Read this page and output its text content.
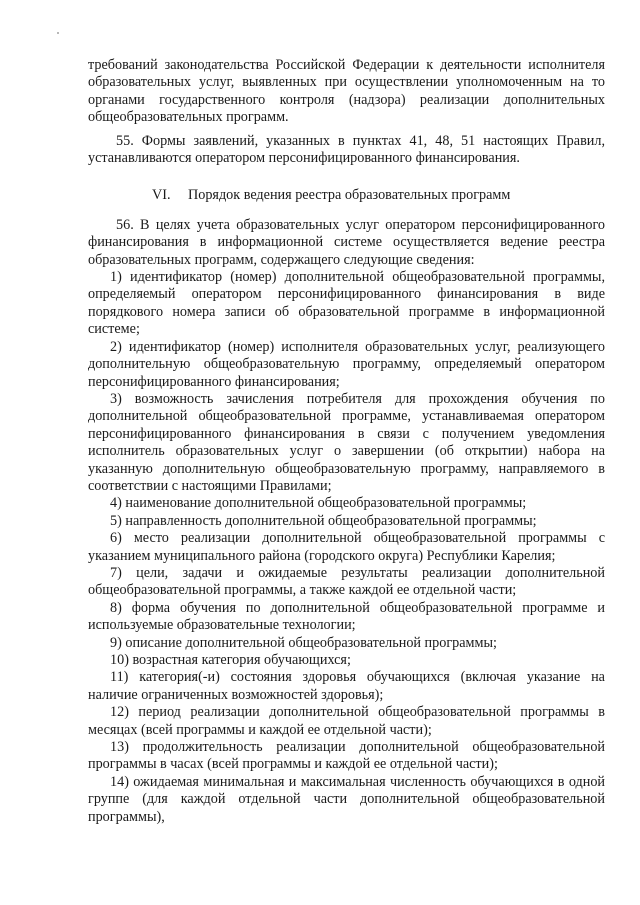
требований законодательства Российской Федерации к деятельности исполнителя образовательных услуг, выявленных при осуществлении уполномоченным на то органами государственного контроля (надзора) реализации дополнительных общеобразовательных программ.

55. Формы заявлений, указанных в пунктах 41, 48, 51 настоящих Правил, устанавливаются оператором персонифицированного финансирования.

VI. Порядок ведения реестра образовательных программ

56. В целях учета образовательных услуг оператором персонифицированного финансирования в информационной системе осуществляется ведение реестра образовательных программ, содержащего следующие сведения:

1) идентификатор (номер) дополнительной общеобразовательной программы, определяемый оператором персонифицированного финансирования в виде порядкового номера записи об образовательной программе в информационной системе;

2) идентификатор (номер) исполнителя образовательных услуг, реализующего дополнительную общеобразовательную программу, определяемый оператором персонифицированного финансирования;

3) возможность зачисления потребителя для прохождения обучения по дополнительной общеобразовательной программе, устанавливаемая оператором персонифицированного финансирования в связи с получением уведомления исполнитель образовательных услуг о завершении (об открытии) набора на указанную дополнительную общеобразовательную программу, направляемого в соответствии с настоящими Правилами;

4) наименование дополнительной общеобразовательной программы;

5) направленность дополнительной общеобразовательной программы;

6) место реализации дополнительной общеобразовательной программы с указанием муниципального района (городского округа) Республики Карелия;

7) цели, задачи и ожидаемые результаты реализации дополнительной общеобразовательной программы, а также каждой ее отдельной части;

8) форма обучения по дополнительной общеобразовательной программе и используемые образовательные технологии;

9) описание дополнительной общеобразовательной программы;

10) возрастная категория обучающихся;

11) категория(-и) состояния здоровья обучающихся (включая указание на наличие ограниченных возможностей здоровья);

12) период реализации дополнительной общеобразовательной программы в месяцах (всей программы и каждой ее отдельной части);

13) продолжительность реализации дополнительной общеобразовательной программы в часах (всей программы и каждой ее отдельной части);

14) ожидаемая минимальная и максимальная численность обучающихся в одной группе (для каждой отдельной части дополнительной общеобразовательной программы),
